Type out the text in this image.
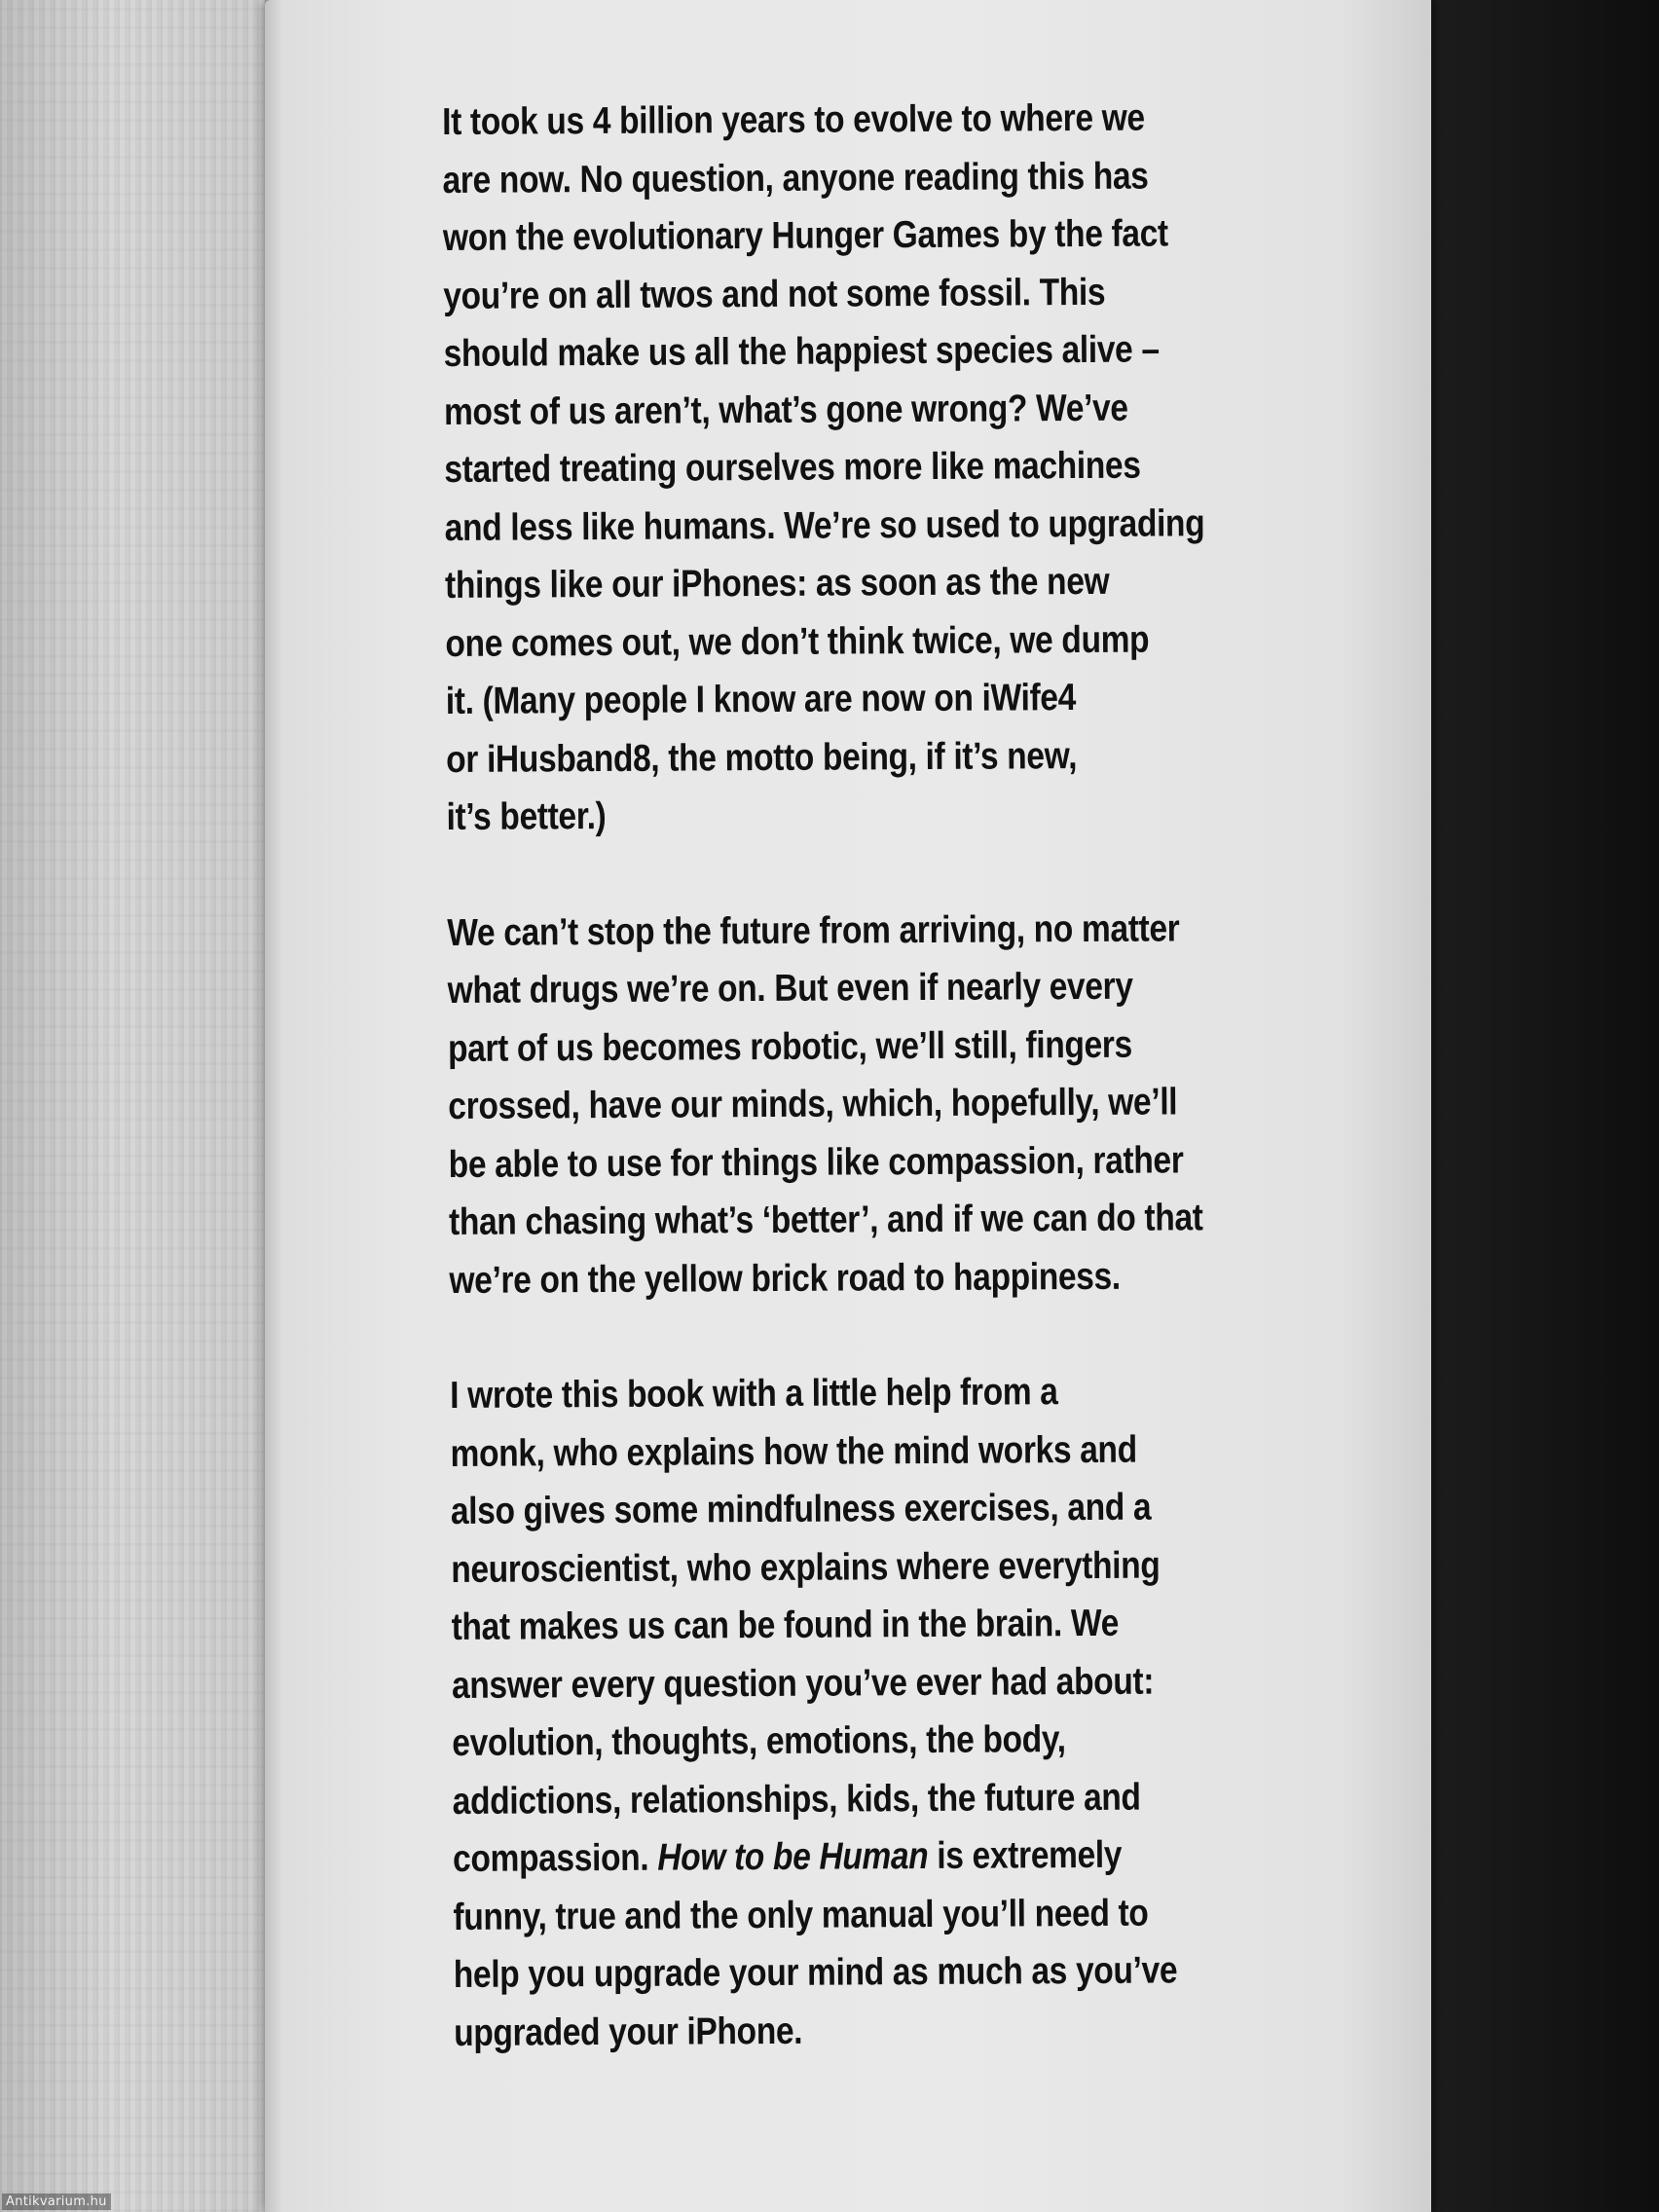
It took us 4 billion years to evolve to where we
are now. No question, anyone reading this has
won the evolutionary Hunger Games by the fact
you’re on all twos and not some fossil. This
should make us all the happiest species alive –
most of us aren’t, what’s gone wrong? We’ve
started treating ourselves more like machines
and less like humans. We’re so used to upgrading
things like our iPhones: as soon as the new
one comes out, we don’t think twice, we dump
it. (Many people I know are now on iWife4
or iHusband8, the motto being, if it’s new,
it’s better.)

We can’t stop the future from arriving, no matter
what drugs we’re on. But even if nearly every
part of us becomes robotic, we’ll still, fingers
crossed, have our minds, which, hopefully, we’ll
be able to use for things like compassion, rather
than chasing what’s ‘better’, and if we can do that
we’re on the yellow brick road to happiness.

I wrote this book with a little help from a
monk, who explains how the mind works and
also gives some mindfulness exercises, and a
neuroscientist, who explains where everything
that makes us can be found in the brain. We
answer every question you’ve ever had about:
evolution, thoughts, emotions, the body,
addictions, relationships, kids, the future and
compassion. How to be Human is extremely
funny, true and the only manual you’ll need to
help you upgrade your mind as much as you’ve
upgraded your iPhone.

Antikvarium.hu
